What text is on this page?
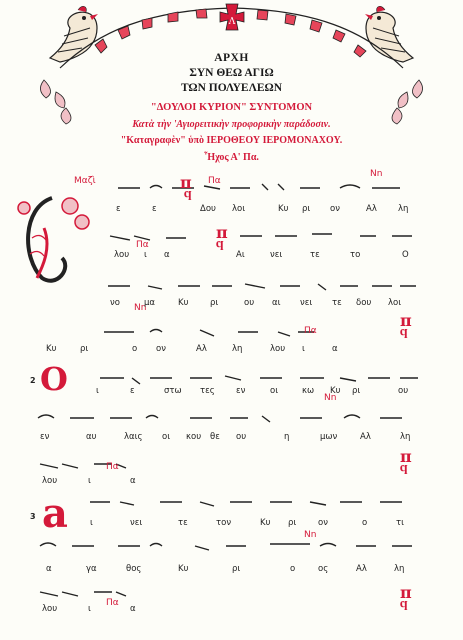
Λ
ΑΡΧΗ
ΣΥΝ ΘΕΩ ΑΓΙΩ
ΤΩΝ ΠΟΛΥΕΛΕΩΝ
"ΔΟΥΛΟΙ ΚΥΡΙΟΝ" ΣΥΝΤΟΜΟΝ
Κατὰ τὴν 'Αγιορειτικὴν προφορικὴν παράδοσιν.
"Καταγραφὲν" ὑπὸ ΙΕΡΟΘΕΟΥ ΙΕΡΟΜΟΝΑΧΟΥ.
Ἦχος Α' Πα.
Μαζὶ	π Πα
Nn
ϥ
Πα
π
ϥ
Nn
Πα
π
ϥ
Nn
Πα
π
ϥ
Nn
Πα
π
ϥ
2 Ο
3 a
ε	ε	Δου λοι	Κυ ρι ον	Αλ λη
λου ι α	Αι	νει	τε	το	Ο
νο	μα	Κυ	ρι	ου αι νει τε δου λοι
Κυ	ρι	ο ον	Αλ	λη	λου ι	α
ι	ε	στω τες	εν	οι	κω Κυ ρι	ου
εν	αυ	λαις οι κου θε ου	η	μων	Αλ	λη
λου	ι	α
ι	νει	τε	τον	Κυ ρι	ον	ο	τι
α	γα	θος	Κυ	ρι	ο	ος	Αλ	λη
λου	ι	α
